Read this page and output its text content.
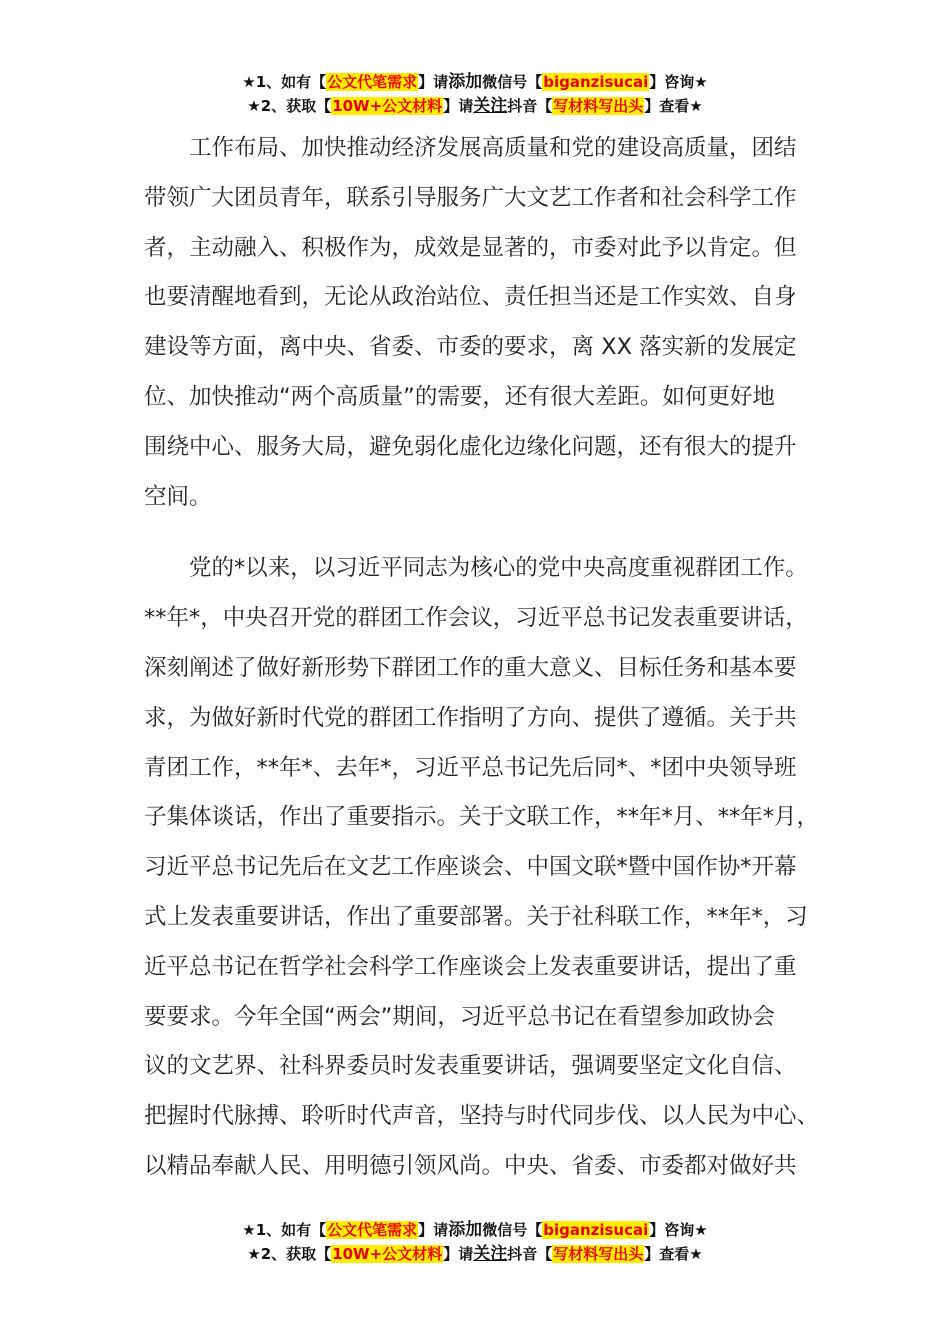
★1、如有【公文代笔需求】请添加微信号【biganzisucai】咨询★
★2、获取【10W+公文材料】请关注抖音【写材料写出头】查看★

工作布局、加快推动经济发展高质量和党的建设高质量，团结
带领广大团员青年，联系引导服务广大文艺工作者和社会科学工作
者，主动融入、积极作为，成效是显著的，市委对此予以肯定。但
也要清醒地看到，无论从政治站位、责任担当还是工作实效、自身
建设等方面，离中央、省委、市委的要求，离 XX 落实新的发展定
位、加快推动“两个高质量”的需要，还有很大差距。如何更好地
围绕中心、服务大局，避免弱化虚化边缘化问题，还有很大的提升
空间。

党的*以来，以习近平同志为核心的党中央高度重视群团工作。
**年*，中央召开党的群团工作会议，习近平总书记发表重要讲话，
深刻阐述了做好新形势下群团工作的重大意义、目标任务和基本要
求，为做好新时代党的群团工作指明了方向、提供了遵循。关于共
青团工作，**年*、去年*，习近平总书记先后同*、*团中央领导班
子集体谈话，作出了重要指示。关于文联工作，**年*月、**年*月，
习近平总书记先后在文艺工作座谈会、中国文联*暨中国作协*开幕
式上发表重要讲话，作出了重要部署。关于社科联工作，**年*，习
近平总书记在哲学社会科学工作座谈会上发表重要讲话，提出了重
要要求。今年全国“两会”期间，习近平总书记在看望参加政协会
议的文艺界、社科界委员时发表重要讲话，强调要坚定文化自信、
把握时代脉搏、聆听时代声音，坚持与时代同步伐、以人民为中心、
以精品奉献人民、用明德引领风尚。中央、省委、市委都对做好共

★1、如有【公文代笔需求】请添加微信号【biganzisucai】咨询★
★2、获取【10W+公文材料】请关注抖音【写材料写出头】查看★
